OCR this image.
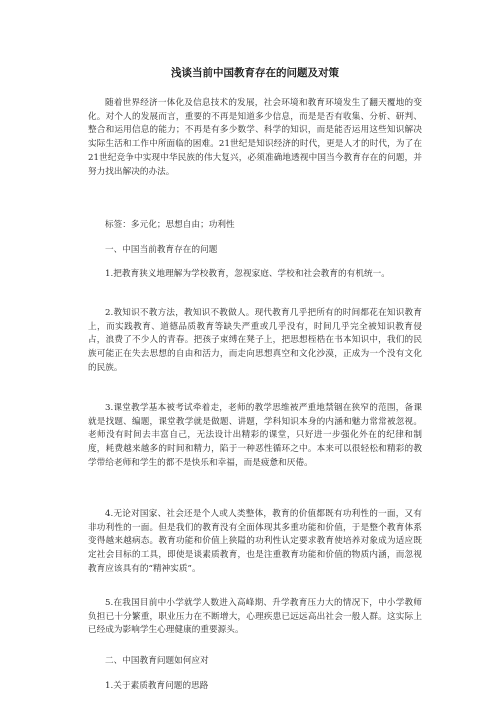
浅谈当前中国教育存在的问题及对策
随着世界经济一体化及信息技术的发展，社会环境和教育环境发生了翻天覆地的变化。对个人的发展而言，重要的不再是知道多少信息，而是是否有收集、分析、研判、整合和运用信息的能力；不再是有多少数学、科学的知识，而是能否运用这些知识解决实际生活和工作中所面临的困难。21世纪是知识经济的时代，更是人才的时代，为了在21世纪竞争中实现中华民族的伟大复兴，必须准确地透视中国当今教育存在的问题，并努力找出解决的办法。
标签：多元化；思想自由；功利性
一、中国当前教育存在的问题
1.把教育狭义地理解为学校教育，忽视家庭、学校和社会教育的有机统一。
2.教知识不教方法，教知识不教做人。现代教育几乎把所有的时间都花在知识教育上，而实践教育、道德品质教育等缺失严重或几乎没有，时间几乎完全被知识教育侵占，浪费了不少人的青春。把孩子束缚在凳子上，把思想桎梏在书本知识中，我们的民族可能正在失去思想的自由和活力，而走向思想真空和文化沙漠，正成为一个没有文化的民族。
3.课堂教学基本被考试牵着走，老师的教学思维被严重地禁锢在狭窄的范围，备课就是找题、编题，课堂教学就是做题、讲题，学科知识本身的内涵和魅力常常被忽视。老师没有时间去丰富自己，无法设计出精彩的课堂，只好进一步强化外在的纪律和制度，耗费越来越多的时间和精力，陷于一种恶性循环之中。本来可以很轻松和精彩的教学带给老师和学生的都不是快乐和幸福，而是疲惫和厌倦。
4.无论对国家、社会还是个人或人类整体，教育的价值都既有功利性的一面，又有非功利性的一面。但是我们的教育没有全面体现其多重功能和价值，于是整个教育体系变得越来越病态。教育功能和价值上狭隘的功利性认定要求教育使培养对象成为适应既定社会目标的工具，即使是谈素质教育，也是注重教育功能和价值的物质内涵，而忽视教育应该具有的“精神实质”。
5.在我国目前中小学就学人数进入高峰期、升学教育压力大的情况下，中小学教师负担已十分繁重，职业压力在不断增大，心理疾患已远远高出社会一般人群。这实际上已经成为影响学生心理健康的重要源头。
二、中国教育问题如何应对
1.关于素质教育问题的思路
